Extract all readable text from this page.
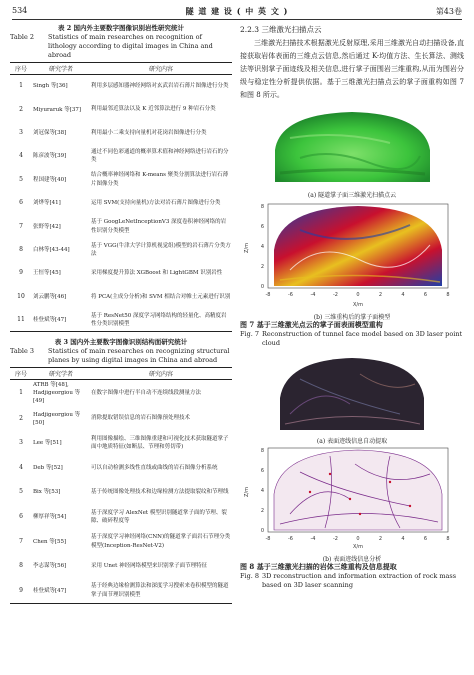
534	隧 道 建 设 ( 中 英 文 )	第43卷
表 2 国内外主要数字图像识别岩性研究统计
Table 2	Statistics of main researches on recognition of lithology according to digital images in China and abroad
序号	研究学者	研究内容
1	Singh 等[36]	利用多层感知器神经网络对玄武岩岩石薄片图像进行分类
2	Miyuraruk 等[37]	利用最邻近算法以及 K 近邻算法进行 9 种岩石分类
3	刘冠保等[38]	利用最小二乘支持向量机对花岗岩图像进行分类
4	陈彦波等[39]	通过不同色彩通道的概率算术值和神经网络进行岩石的分类
5	程国建等[40]	结合概率神经网络和 K-means 聚类分割算法进行岩石薄片图像分类
6	刘烨等[41]	运用 SVM(支持向量机)方法对岩石薄片图像进行分类
7	张野等[42]	基于 GoogLeNetInceptionV3 深度卷积神经网络的岩性识别分类模型
8	白林等[43-44]	基于 VGG(牛津大学计算机视觉组)模型的岩石薄片分类方法
9	王恒等[45]	采用梯度提升算法 XGBoost 和 LightGBM 识别岩性
10	刘云鹏等[46]	将 PCA(主成分分析)和 SVM 相结合对帷土元素进行识别
11	桂登斌等[47]	基于 ResNet50 深度学习网络结构的轻量化、高精度岩性分类识别模型
表 3 国内外主要数字图像识别结构面研究统计
Table 3	Statistics of main researches on recognizing structural planes by using digital images in China and abroad
序号	研究学者	研究内容
1	ATRB 等[48], Hadjigeorgiou 等[49]	在数字图像中进行半自动不连续线段测量方法
2	Hadjigeorgiou 等[50]	消除提取错误信息的岩石图像预处理技术
3	Lee 等[51]	利用图像描绘、三维图像重建和可视化技术获取隧道掌子面中地质特征(如断层、节理和剪切带)
4	Deb 等[52]	可以自动检测多线性直线或曲线的岩石图像分析系统
5	Bix 等[53]	基于传统图像处理技术和边缘检测方法提取裂纹和节理线
6	柳厚祥等[54]	基于深度学习 AlexNet 模型识别隧道掌子面的节理、裂隙、破碎程度等
7	Chen 等[55]	基于深度学习神经网络(CNN)的隧道掌子面岩石节理分类模型(Inception-ResNet-V2)
8	李志谋等[56]	采用 Unet 神经网络模型来识别掌子面节理特征
9	桂登斌等[47]	基于经典边缘检测算法和深度学习搜索来卷积模型的隧道掌子面节理识别模型
2.2.3 三维激光扫描点云
三维激光扫描技术根据激光反射原理,采用三维激光自动扫描设备,直接获取岩体表面的三维点云信息,然后通过 K-均值方法、生长算法、测线法等识别掌子面迹线及相关信息,进行掌子面围岩三维重构,从而为围岩分级与稳定性分析提供依据。基于三维激光扫描点云的掌子面重构如图 7 和图 8 所示。
(a) 隧道掌子面三维激光扫描点云
-8	-6	-4	-2	0	2	4	6	8
8
6
4
2
0
X/m
Z/m
(b) 三维重构后的掌子面模型
图 7 基于三维激光点云的掌子面表面模型重构
Fig. 7 Reconstruction of tunnel face model based on 3D laser point cloud
(a) 表面迹线信息自动提取
-8	-6	-4	-2	0	2	4	6	8
8
6
4
2
0
X/m
Z/m
(b) 表面迹线信息分析
图 8 基于三维激光扫描的岩体三维重构及信息提取
Fig. 8 3D reconstruction and information extraction of rock mass based on 3D laser scanning
